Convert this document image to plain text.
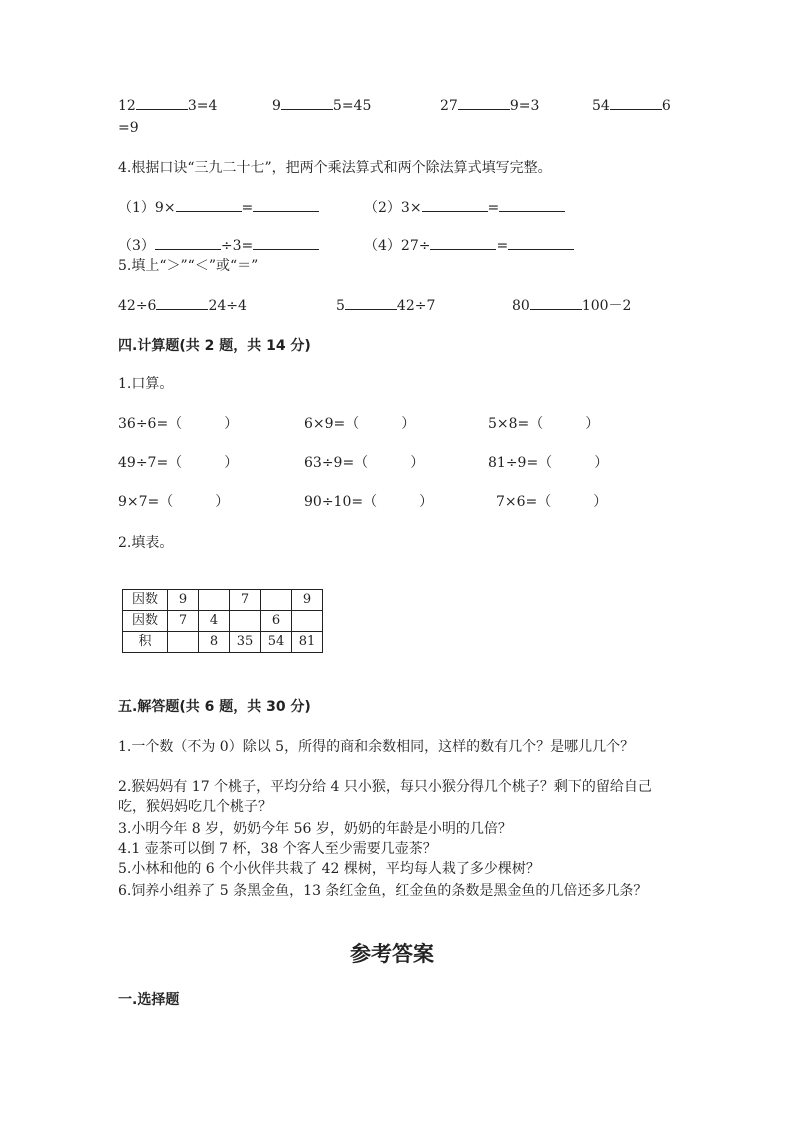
12	3=4	9	5=45	27	9=3	54	6
=9
4.根据口诀“三九二十七”，把两个乘法算式和两个除法算式填写完整。
（1）9×	=	（2）3×	=
（3）	÷3=	（4）27÷	=
5.填上“＞”“＜”或“＝”
42÷6	24÷4	5	42÷7	80	100－2
四.计算题(共 2 题，共 14 分)
1.口算。
36÷6=（	）	6×9=（	）	5×8=（	）
49÷7=（	）	63÷9=（	）	81÷9=（	）
9×7=（	）	90÷10=（	）	7×6=（	）
2.填表。
因数	9		7		9
因数	7	4		6	
积		8	35	54	81
五.解答题(共 6 题，共 30 分)
1.一个数（不为 0）除以 5，所得的商和余数相同，这样的数有几个？是哪儿几个？
2.猴妈妈有 17 个桃子，平均分给 4 只小猴，每只小猴分得几个桃子？剩下的留给自己吃，猴妈妈吃几个桃子？
3.小明今年 8 岁，奶奶今年 56 岁，奶奶的年龄是小明的几倍？
4.1 壶茶可以倒 7 杯，38 个客人至少需要几壶茶？
5.小林和他的 6 个小伙伴共栽了 42 棵树，平均每人栽了多少棵树？
6.饲养小组养了 5 条黑金鱼，13 条红金鱼，红金鱼的条数是黑金鱼的几倍还多几条？
参考答案
一.选择题
